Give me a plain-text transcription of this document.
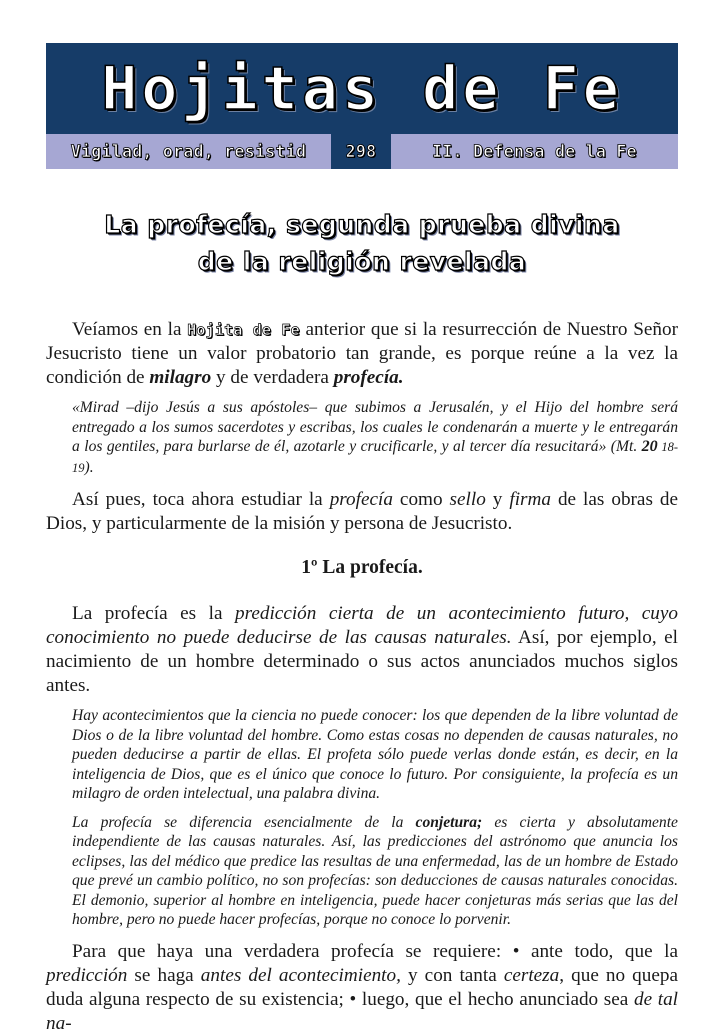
Hojitas de Fe
Vigilad, orad, resistid 298	II. Defensa de la Fe
La profecía, segunda prueba divina
de la religión revelada

Veíamos en la Hojita de Fe anterior que si la resurrección de Nuestro Señor Jesucristo tiene un valor probatorio tan grande, es porque reúne a la vez la condición de milagro y de verdadera profecía.

«Mirad –dijo Jesús a sus apóstoles– que subimos a Jerusalén, y el Hijo del hombre será entregado a los sumos sacerdotes y escribas, los cuales le condenarán a muerte y le entregarán a los gentiles, para burlarse de él, azotarle y crucificarle, y al tercer día resucitará» (Mt. 20 18-19).

Así pues, toca ahora estudiar la profecía como sello y firma de las obras de Dios, y particularmente de la misión y persona de Jesucristo.

1º La profecía.

La profecía es la predicción cierta de un acontecimiento futuro, cuyo conocimiento no puede deducirse de las causas naturales. Así, por ejemplo, el nacimiento de un hombre determinado o sus actos anunciados muchos siglos antes.

Hay acontecimientos que la ciencia no puede conocer: los que dependen de la libre voluntad de Dios o de la libre voluntad del hombre. Como estas cosas no dependen de causas naturales, no pueden deducirse a partir de ellas. El profeta sólo puede verlas donde están, es decir, en la inteligencia de Dios, que es el único que conoce lo futuro. Por consiguiente, la profecía es un milagro de orden intelectual, una palabra divina.

La profecía se diferencia esencialmente de la conjetura; es cierta y absolutamente independiente de las causas naturales. Así, las predicciones del astrónomo que anuncia los eclipses, las del médico que predice las resultas de una enfermedad, las de un hombre de Estado que prevé un cambio político, no son profecías: son deducciones de causas naturales conocidas. El demonio, superior al hombre en inteligencia, puede hacer conjeturas más serias que las del hombre, pero no puede hacer profecías, porque no conoce lo porvenir.

Para que haya una verdadera profecía se requiere: • ante todo, que la predicción se haga antes del acontecimiento, y con tanta certeza, que no quepa duda alguna respecto de su existencia; • luego, que el hecho anunciado sea de tal na-
